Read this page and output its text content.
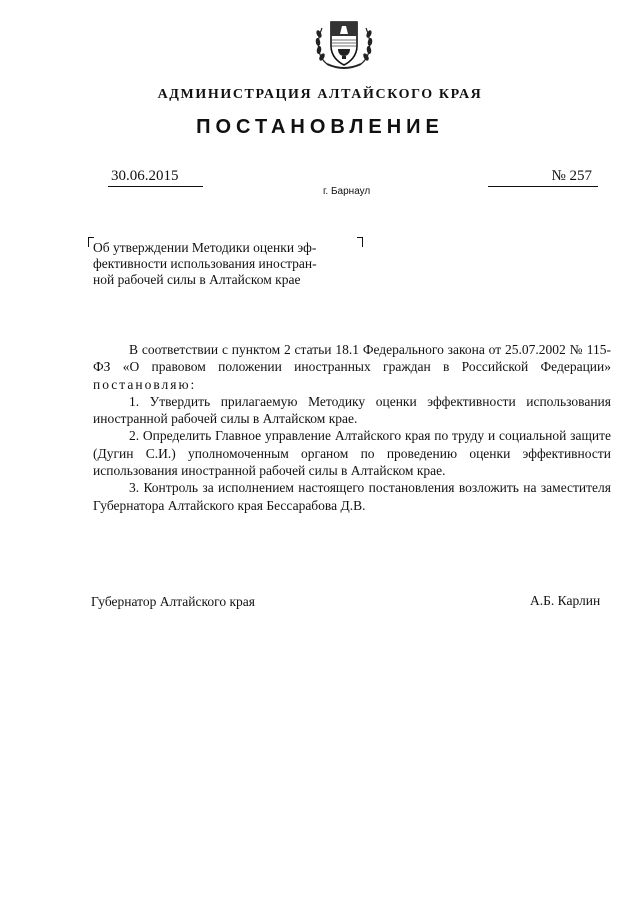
АДМИНИСТРАЦИЯ АЛТАЙСКОГО КРАЯ
ПОСТАНОВЛЕНИЕ
30.06.2015	№ 257
г. Барнаул
Об утверждении Методики оценки эф-
фективности использования иностран-
ной рабочей силы в Алтайском крае

В соответствии с пунктом 2 статьи 18.1 Федерального закона от 25.07.2002 № 115-ФЗ «О правовом положении иностранных граждан в Российской Федерации» постановляю:

1. Утвердить прилагаемую Методику оценки эффективности использования иностранной рабочей силы в Алтайском крае.

2. Определить Главное управление Алтайского края по труду и социальной защите (Дугин С.И.) уполномоченным органом по проведению оценки эффективности использования иностранной рабочей силы в Алтайском крае.

3. Контроль за исполнением настоящего постановления возложить на заместителя Губернатора Алтайского края Бессарабова Д.В.

Губернатор Алтайского края	А.Б. Карлин
